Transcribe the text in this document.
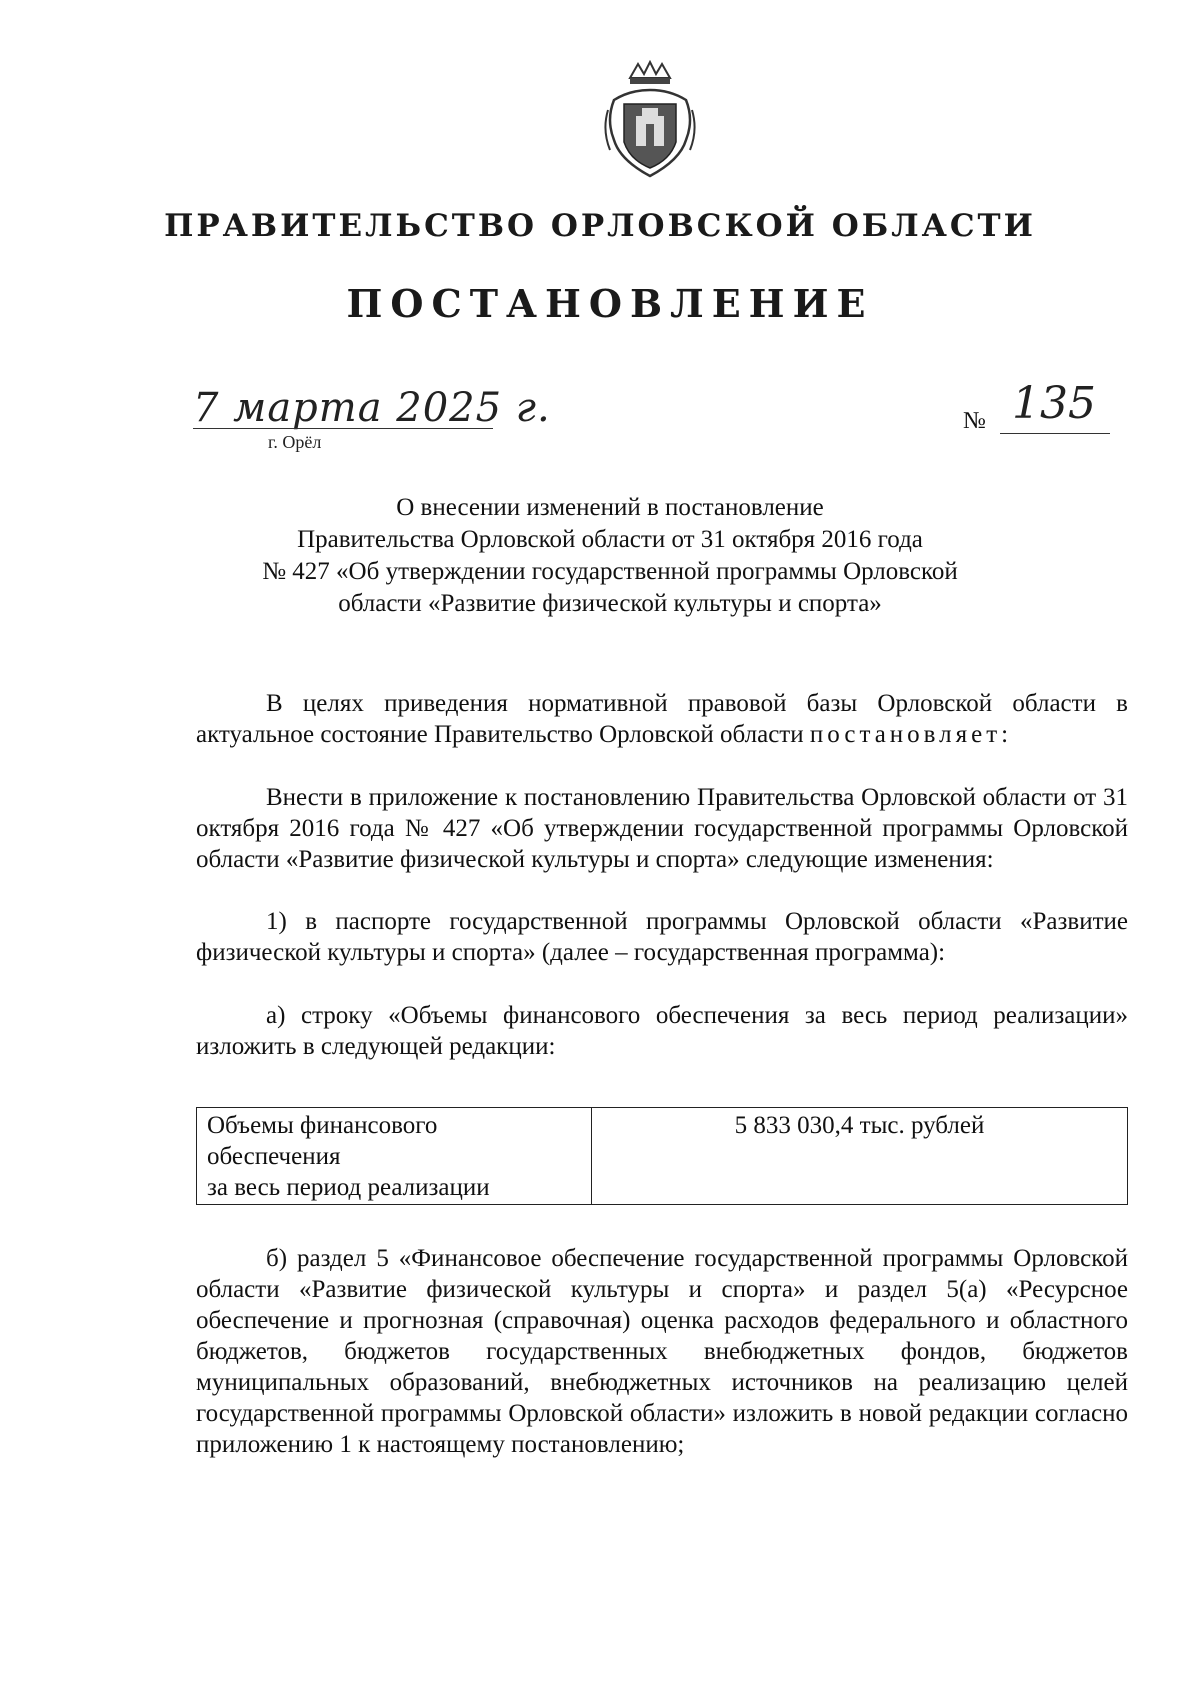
ПРАВИТЕЛЬСТВО ОРЛОВСКОЙ ОБЛАСТИ
ПОСТАНОВЛЕНИЕ
7 марта 2025 г.
г. Орёл
№ 135
О внесении изменений в постановление
Правительства Орловской области от 31 октября 2016 года
№ 427 «Об утверждении государственной программы Орловской
области «Развитие физической культуры и спорта»

В целях приведения нормативной правовой базы Орловской области в актуальное состояние Правительство Орловской области постановляет:

Внести в приложение к постановлению Правительства Орловской области от 31 октября 2016 года № 427 «Об утверждении государственной программы Орловской области «Развитие физической культуры и спорта» следующие изменения:

1) в паспорте государственной программы Орловской области «Развитие физической культуры и спорта» (далее – государственная программа):

а) строку «Объемы финансового обеспечения за весь период реализации» изложить в следующей редакции:

Объемы финансового
обеспечения
за весь период реализации
5 833 030,4 тыс. рублей

б) раздел 5 «Финансовое обеспечение государственной программы Орловской области «Развитие физической культуры и спорта» и раздел 5(а) «Ресурсное обеспечение и прогнозная (справочная) оценка расходов федерального и областного бюджетов, бюджетов государственных внебюджетных фондов, бюджетов муниципальных образований, внебюджетных источников на реализацию целей государственной программы Орловской области» изложить в новой редакции согласно приложению 1 к настоящему постановлению;
